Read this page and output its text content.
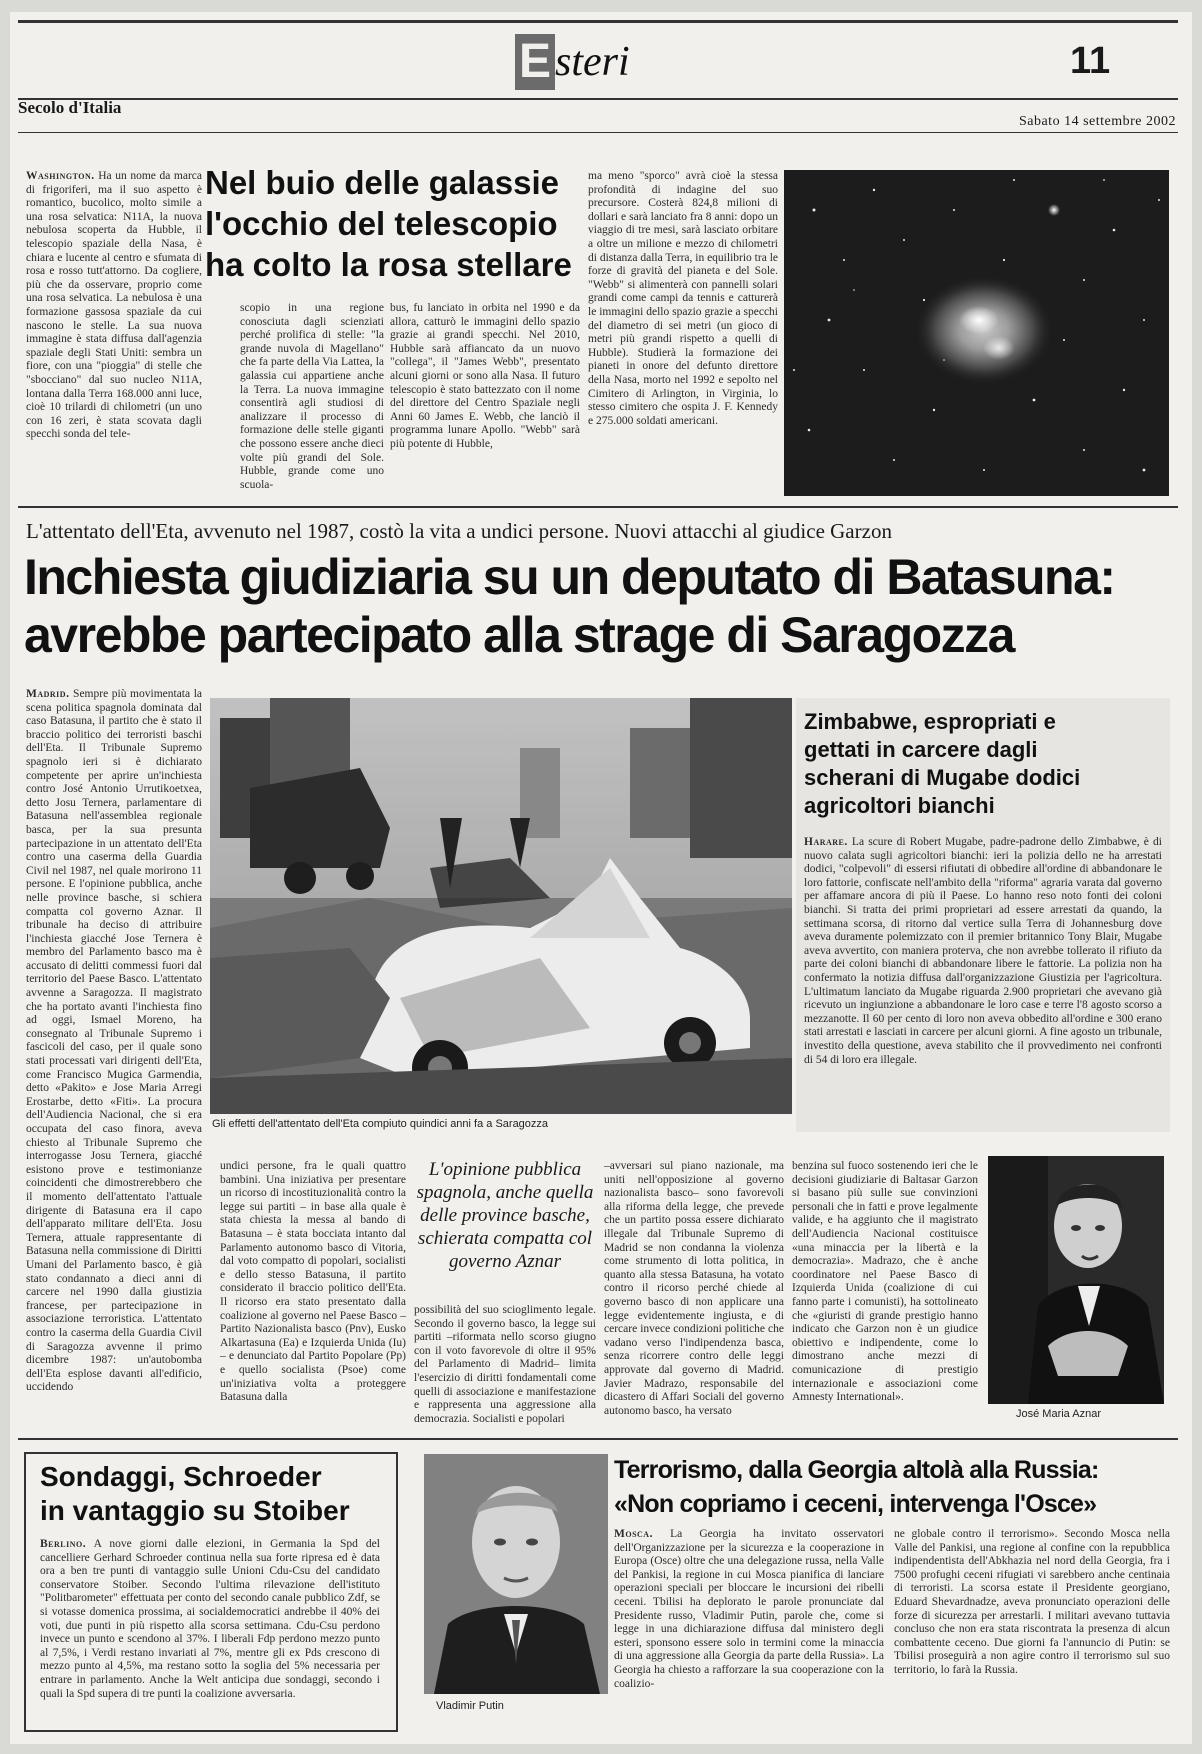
Esteri	11
Secolo d'Italia
Sabato 14 settembre 2002
Washington. Ha un nome da marca di frigoriferi, ma il suo aspetto è romantico, bucolico, molto simile a una rosa selvatica: N11A, la nuova nebulosa scoperta da Hubble, il telescopio spaziale della Nasa, è chiara e lucente al centro e sfumata di rosa e rosso tutt'attorno. Da cogliere, più che da osservare, proprio come una rosa selvatica. La nebulosa è una formazione gassosa spaziale da cui nascono le stelle. La sua nuova immagine è stata diffusa dall'agenzia spaziale degli Stati Uniti: sembra un fiore, con una "pioggia" di stelle che "sbocciano" dal suo nucleo N11A, lontana dalla Terra 168.000 anni luce, cioè 10 trilardi di chilometri (un uno con 16 zeri, è stata scovata dagli specchi sonda del tele-
Nel buio delle galassie l'occhio del telescopio ha colto la rosa stellare
scopio in una regione conosciuta dagli scienziati perché prolifica di stelle: "la grande nuvola di Magellano" che fa parte della Via Lattea, la galassia cui appartiene anche la Terra. La nuova immagine consentirà agli studiosi di analizzare il processo di formazione delle stelle giganti che possono essere anche dieci volte più grandi del Sole. Hubble, grande come uno scuola-
bus, fu lanciato in orbita nel 1990 e da allora, catturò le immagini dello spazio grazie ai grandi specchi. Nel 2010, Hubble sarà affiancato da un nuovo "collega", il "James Webb", presentato alcuni giorni or sono alla Nasa. Il futuro telescopio è stato battezzato con il nome del direttore del Centro Spaziale negli Anni 60 James E. Webb, che lanciò il programma lunare Apollo. "Webb" sarà più potente di Hubble,
ma meno "sporco" avrà cioè la stessa profondità di indagine del suo precursore. Costerà 824,8 milioni di dollari e sarà lanciato fra 8 anni: dopo un viaggio di tre mesi, sarà lasciato orbitare a oltre un milione e mezzo di chilometri di distanza dalla Terra, in equilibrio tra le forze di gravità del pianeta e del Sole. "Webb" si alimenterà con pannelli solari grandi come campi da tennis e catturerà le immagini dello spazio grazie a specchi del diametro di sei metri (un gioco di metri più grandi rispetto a quelli di Hubble). Studierà la formazione dei pianeti in onore del defunto direttore della Nasa, morto nel 1992 e sepolto nel Cimitero di Arlington, in Virginia, lo stesso cimitero che ospita J. F. Kennedy e 275.000 soldati americani.
L'attentato dell'Eta, avvenuto nel 1987, costò la vita a undici persone. Nuovi attacchi al giudice Garzon
Inchiesta giudiziaria su un deputato di Batasuna:
avrebbe partecipato alla strage di Saragozza
Madrid. Sempre più movimentata la scena politica spagnola dominata dal caso Batasuna, il partito che è stato il braccio politico dei terroristi baschi dell'Eta. Il Tribunale Supremo spagnolo ieri si è dichiarato competente per aprire un'inchiesta contro José Antonio Urrutikoetxea, detto Josu Ternera, parlamentare di Batasuna nell'assemblea regionale basca, per la sua presunta partecipazione in un attentato dell'Eta contro una caserma della Guardia Civil nel 1987, nel quale morirono 11 persone. E l'opinione pubblica, anche nelle province basche, si schiera compatta col governo Aznar. Il tribunale ha deciso di attribuire l'inchiesta giacché Jose Ternera è membro del Parlamento basco ma è accusato di delitti commessi fuori dal territorio del Paese Basco. L'attentato avvenne a Saragozza. Il magistrato che ha portato avanti l'inchiesta fino ad oggi, Ismael Moreno, ha consegnato al Tribunale Supremo i fascicoli del caso, per il quale sono stati processati vari dirigenti dell'Eta, come Francisco Mugica Garmendia, detto «Pakito» e Jose Maria Arregi Erostarbe, detto «Fiti». La procura dell'Audiencia Nacional, che si era occupata del caso finora, aveva chiesto al Tribunale Supremo che interrogasse Josu Ternera, giacché esistono prove e testimonianze coincidenti che dimostrerebbero che il momento dell'attentato l'attuale dirigente di Batasuna era il capo dell'apparato militare dell'Eta. Josu Ternera, attuale rappresentante di Batasuna nella commissione di Diritti Umani del Parlamento basco, è già stato condannato a dieci anni di carcere nel 1990 dalla giustizia francese, per partecipazione in associazione terroristica. L'attentato contro la caserma della Guardia Civil di Saragozza avvenne il primo dicembre 1987: un'autobomba dell'Eta esplose davanti all'edificio, uccidendo
Gli effetti dell'attentato dell'Eta compiuto quindici anni fa a Saragozza
Zimbabwe, espropriati e gettati in carcere dagli scherani di Mugabe dodici agricoltori bianchi
Harare. La scure di Robert Mugabe, padre-padrone dello Zimbabwe, è di nuovo calata sugli agricoltori bianchi: ieri la polizia dello ne ha arrestati dodici, "colpevoli" di essersi rifiutati di obbedire all'ordine di abbandonare le loro fattorie, confiscate nell'ambito della "riforma" agraria varata dal governo per affamare ancora di più il Paese. Lo hanno reso noto fonti dei coloni bianchi. Si tratta dei primi proprietari ad essere arrestati da quando, la settimana scorsa, di ritorno dal vertice sulla Terra di Johannesburg dove aveva duramente polemizzato con il premier britannico Tony Blair, Mugabe aveva avvertito, con maniera proterva, che non avrebbe tollerato il rifiuto da parte dei coloni bianchi di abbandonare libere le fattorie. La polizia non ha confermato la notizia diffusa dall'organizzazione Giustizia per l'agricoltura. L'ultimatum lanciato da Mugabe riguarda 2.900 proprietari che avevano già ricevuto un ingiunzione a abbandonare le loro case e terre l'8 agosto scorso a mezzanotte. Il 60 per cento di loro non aveva obbedito all'ordine e 300 erano stati arrestati e lasciati in carcere per alcuni giorni. A fine agosto un tribunale, investito della questione, aveva stabilito che il provvedimento nei confronti di 54 di loro era illegale.
undici persone, fra le quali quattro bambini. Una iniziativa per presentare un ricorso di incostituzionalità contro la legge sui partiti – in base alla quale è stata chiesta la messa al bando di Batasuna – è stata bocciata intanto dal Parlamento autonomo basco di Vitoria, dal voto compatto di popolari, socialisti e dello stesso Batasuna, il partito considerato il braccio politico dell'Eta. Il ricorso era stato presentato dalla coalizione al governo nel Paese Basco –Partito Nazionalista basco (Pnv), Eusko Alkartasuna (Ea) e Izquierda Unida (Iu) – e denunciato dal Partito Popolare (Pp) e quello socialista (Psoe) come un'iniziativa volta a proteggere Batasuna dalla
L'opinione pubblica spagnola, anche quella delle province basche, schierata compatta col governo Aznar
possibilità del suo scioglimento legale. Secondo il governo basco, la legge sui partiti –riformata nello scorso giugno con il voto favorevole di oltre il 95% del Parlamento di Madrid– limita l'esercizio di diritti fondamentali come quelli di associazione e manifestazione e rappresenta una aggressione alla democrazia. Socialisti e popolari
–avversari sul piano nazionale, ma uniti nell'opposizione al governo nazionalista basco– sono favorevoli alla riforma della legge, che prevede che un partito possa essere dichiarato illegale dal Tribunale Supremo di Madrid se non condanna la violenza come strumento di lotta politica, in quanto alla stessa Batasuna, ha votato contro il ricorso perché chiede al governo basco di non applicare una legge evidentemente ingiusta, e di cercare invece condizioni politiche che vadano verso l'indipendenza basca, senza ricorrere contro delle leggi approvate dal governo di Madrid. Javier Madrazo, responsabile del dicastero di Affari Sociali del governo autonomo basco, ha versato
benzina sul fuoco sostenendo ieri che le decisioni giudiziarie di Baltasar Garzon si basano più sulle sue convinzioni personali che in fatti e prove legalmente valide, e ha aggiunto che il magistrato dell'Audiencia Nacional costituisce «una minaccia per la libertà e la democrazia». Madrazo, che è anche coordinatore nel Paese Basco di Izquierda Unida (coalizione di cui fanno parte i comunisti), ha sottolineato che «giuristi di grande prestigio hanno indicato che Garzon non è un giudice obiettivo e indipendente, come lo dimostrano anche mezzi di comunicazione di prestigio internazionale e associazioni come Amnesty International».
José Maria Aznar
Sondaggi, Schroeder
in vantaggio su Stoiber
Berlino. A nove giorni dalle elezioni, in Germania la Spd del cancelliere Gerhard Schroeder continua nella sua forte ripresa ed è data ora a ben tre punti di vantaggio sulle Unioni Cdu-Csu del candidato conservatore Stoiber. Secondo l'ultima rilevazione dell'istituto "Politbarometer" effettuata per conto del secondo canale pubblico Zdf, se si votasse domenica prossima, ai socialdemocratici andrebbe il 40% dei voti, due punti in più rispetto alla scorsa settimana. Cdu-Csu perdono invece un punto e scendono al 37%. I liberali Fdp perdono mezzo punto al 7,5%, i Verdi restano invariati al 7%, mentre gli ex Pds crescono di mezzo punto al 4,5%, ma restano sotto la soglia del 5% necessaria per entrare in parlamento. Anche la Welt anticipa due sondaggi, secondo i quali la Spd supera di tre punti la coalizione avversaria.
Vladimir Putin
Terrorismo, dalla Georgia altolà alla Russia:
«Non copriamo i ceceni, intervenga l'Osce»
Mosca. La Georgia ha invitato osservatori dell'Organizzazione per la sicurezza e la cooperazione in Europa (Osce) oltre che una delegazione russa, nella Valle del Pankisi, la regione in cui Mosca pianifica di lanciare operazioni speciali per bloccare le incursioni dei ribelli ceceni. Tbilisi ha deplorato le parole pronunciate dal Presidente russo, Vladimir Putin, parole che, come si legge in una dichiarazione diffusa dal ministero degli esteri, sponsono essere solo in termini come la minaccia di una aggressione alla Georgia da parte della Russia». La Georgia ha chiesto a rafforzare la sua cooperazione con la coalizio-
ne globale contro il terrorismo». Secondo Mosca nella Valle del Pankisi, una regione al confine con la repubblica indipendentista dell'Abkhazia nel nord della Georgia, fra i 7500 profughi ceceni rifugiati vi sarebbero anche centinaia di terroristi. La scorsa estate il Presidente georgiano, Eduard Shevardnadze, aveva pronunciato operazioni delle forze di sicurezza per arrestarli. I militari avevano tuttavia concluso che non era stata riscontrata la presenza di alcun combattente ceceno. Due giorni fa l'annuncio di Putin: se Tbilisi proseguirà a non agire contro il terrorismo sul suo territorio, lo farà la Russia.
